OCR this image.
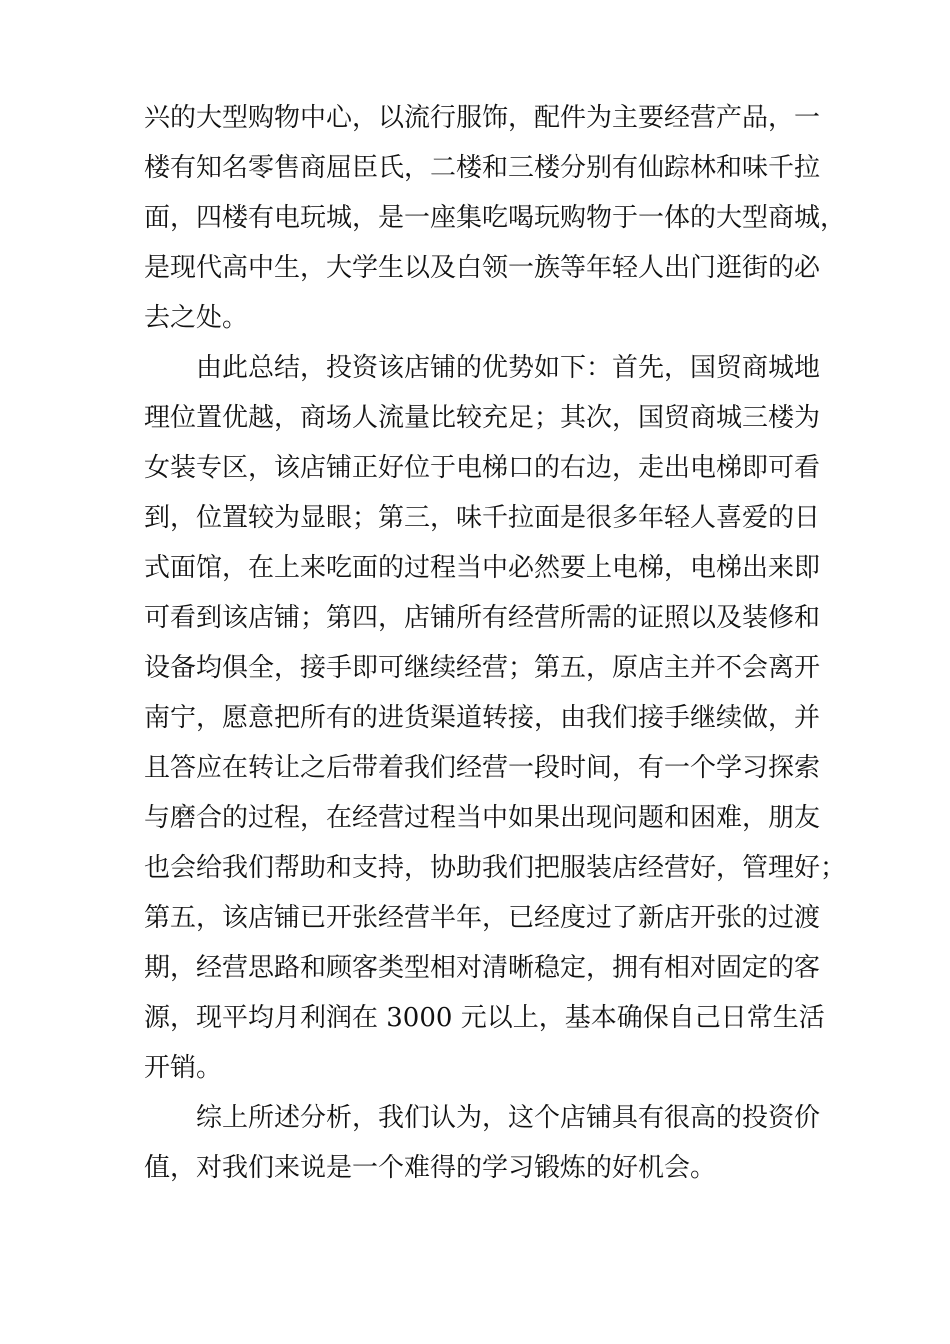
兴的大型购物中心，以流行服饰，配件为主要经营产品，一
楼有知名零售商屈臣氏，二楼和三楼分别有仙踪林和味千拉
面，四楼有电玩城，是一座集吃喝玩购物于一体的大型商城，
是现代高中生，大学生以及白领一族等年轻人出门逛街的必
去之处。
由此总结，投资该店铺的优势如下：首先，国贸商城地
理位置优越，商场人流量比较充足；其次，国贸商城三楼为
女装专区，该店铺正好位于电梯口的右边，走出电梯即可看
到，位置较为显眼；第三，味千拉面是很多年轻人喜爱的日
式面馆，在上来吃面的过程当中必然要上电梯，电梯出来即
可看到该店铺；第四，店铺所有经营所需的证照以及装修和
设备均俱全，接手即可继续经营；第五，原店主并不会离开
南宁，愿意把所有的进货渠道转接，由我们接手继续做，并
且答应在转让之后带着我们经营一段时间，有一个学习探索
与磨合的过程，在经营过程当中如果出现问题和困难，朋友
也会给我们帮助和支持，协助我们把服装店经营好，管理好；
第五，该店铺已开张经营半年，已经度过了新店开张的过渡
期，经营思路和顾客类型相对清晰稳定，拥有相对固定的客
源，现平均月利润在 3000 元以上，基本确保自己日常生活
开销。
综上所述分析，我们认为，这个店铺具有很高的投资价
值，对我们来说是一个难得的学习锻炼的好机会。
